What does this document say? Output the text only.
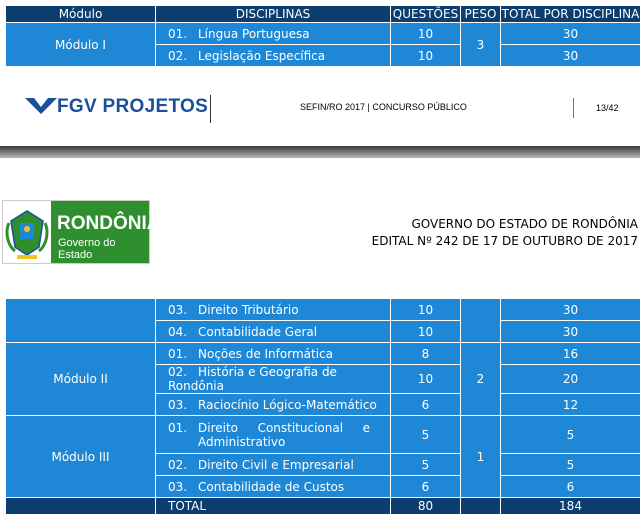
Módulo	DISCIPLINAS	QUESTÕES	PESO	TOTAL POR DISCIPLINA
Módulo I	01. Língua Portuguesa	10	3	30
	02. Legislação Específica	10		30
FGV PROJETOS	SEFIN/RO 2017 | CONCURSO PÚBLICO	13/42
RONDÔNIA
Governo do Estado
GOVERNO DO ESTADO DE RONDÔNIA
EDITAL Nº 242 DE 17 DE OUTUBRO DE 2017
	03. Direito Tributário	10		30
	04. Contabilidade Geral	10		30
Módulo II	01. Noções de Informática	8	2	16
	02. História e Geografia de Rondônia	10		20
	03. Raciocínio Lógico-Matemático	6		12
Módulo III	01. Direito Constitucional e Administrativo	5	1	5
	02. Direito Civil e Empresarial	5		5
	03. Contabilidade de Custos	6		6
	TOTAL	80		184
